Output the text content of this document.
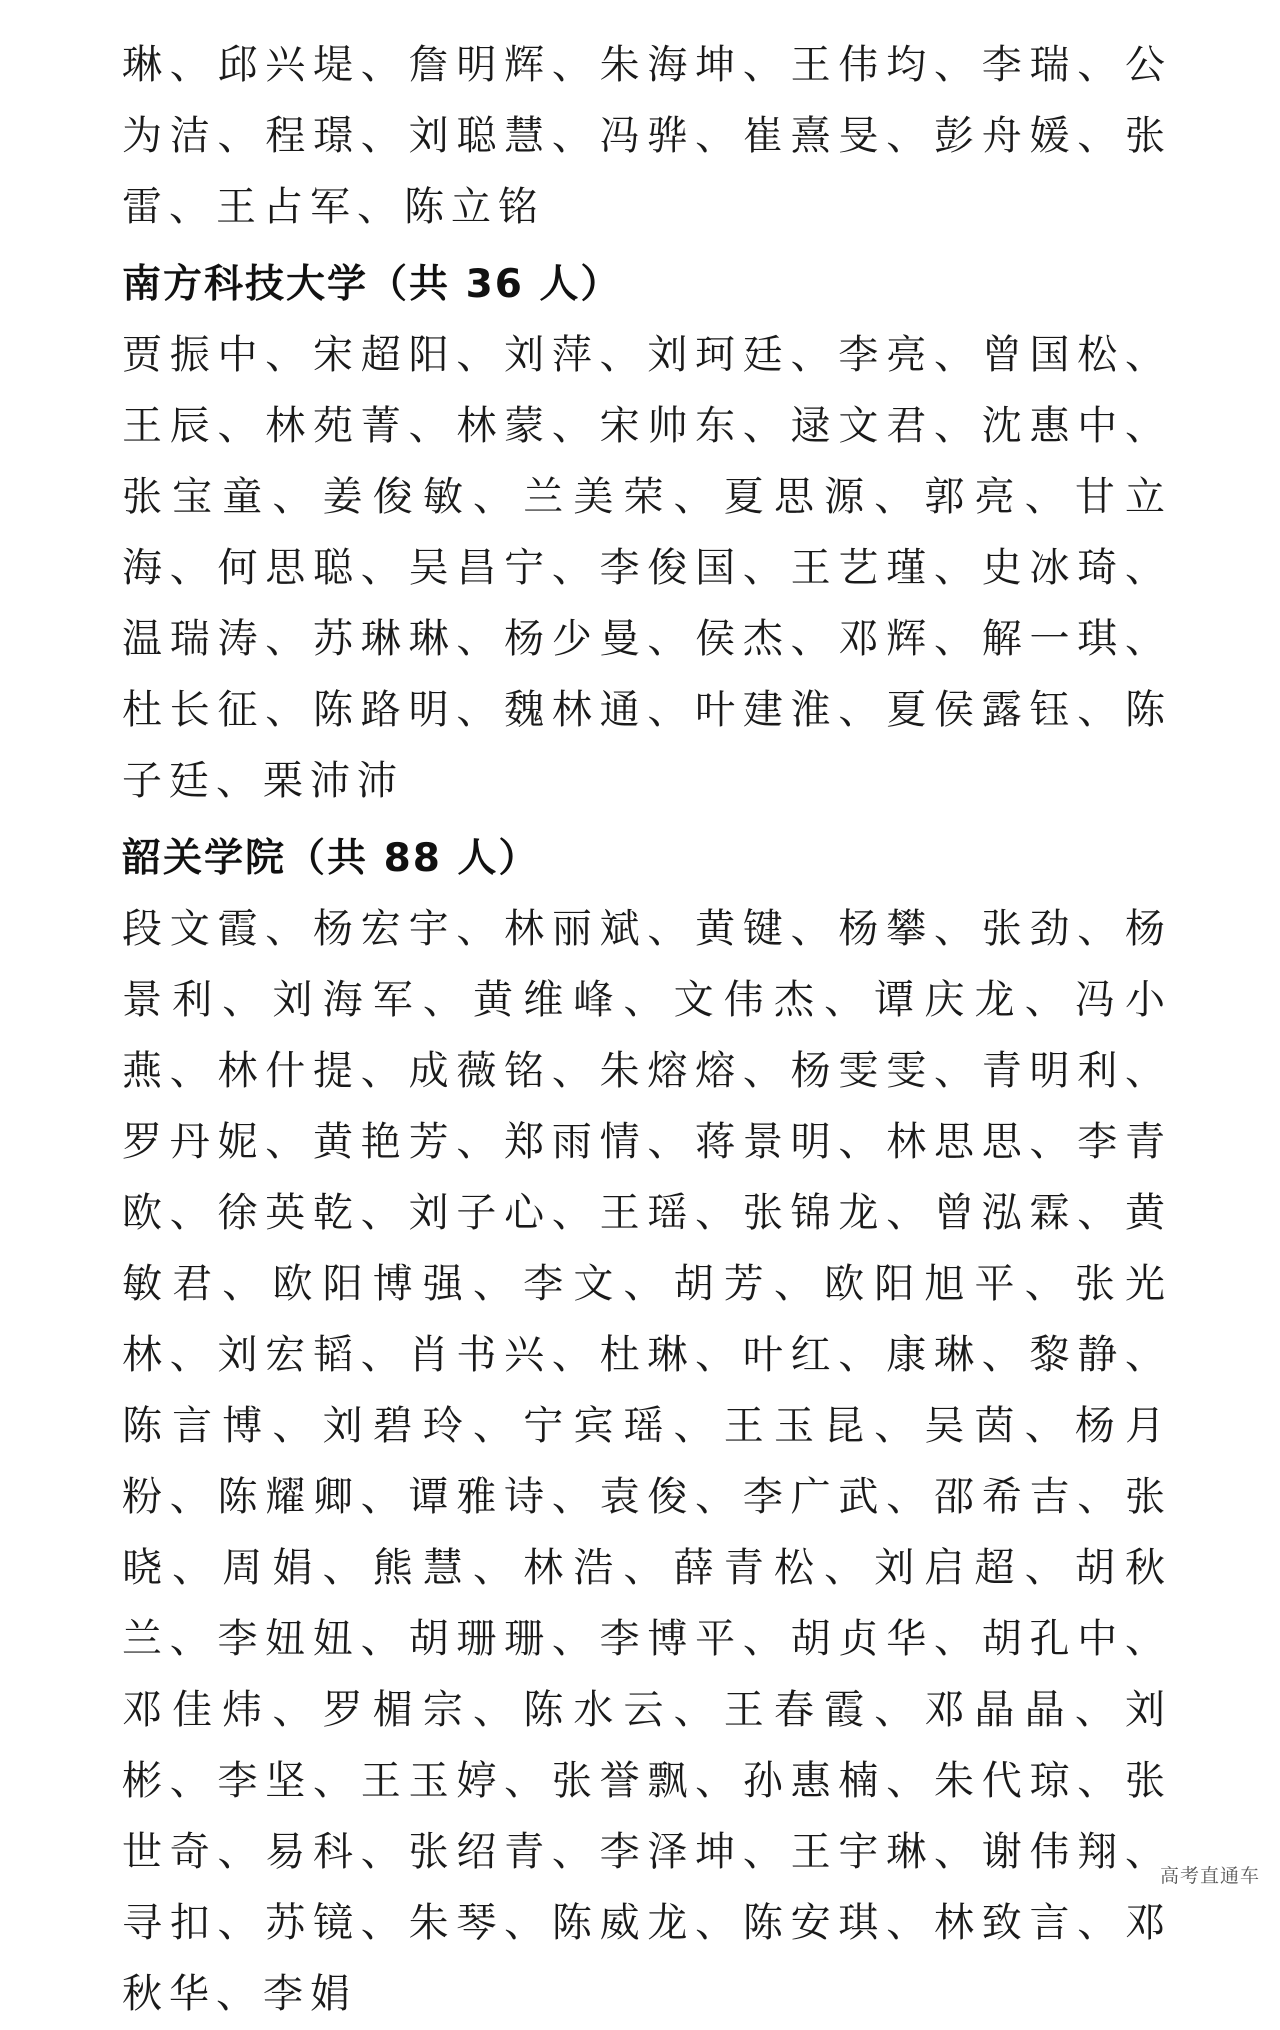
琳、邱兴堤、詹明辉、朱海坤、王伟均、李瑞、公为洁、程璟、刘聪慧、冯骅、崔熹旻、彭舟媛、张雷、王占军、陈立铭

南方科技大学（共 36 人）

贾振中、宋超阳、刘萍、刘珂廷、李亮、曾国松、王辰、林苑菁、林蒙、宋帅东、逯文君、沈惠中、张宝童、姜俊敏、兰美荣、夏思源、郭亮、甘立海、何思聪、吴昌宁、李俊国、王艺瑾、史冰琦、温瑞涛、苏琳琳、杨少曼、侯杰、邓辉、解一琪、杜长征、陈路明、魏林通、叶建淮、夏侯露钰、陈子廷、栗沛沛

韶关学院（共 88 人）

段文霞、杨宏宇、林丽斌、黄键、杨攀、张劲、杨景利、刘海军、黄维峰、文伟杰、谭庆龙、冯小燕、林什提、成薇铭、朱熔熔、杨雯雯、青明利、罗丹妮、黄艳芳、郑雨情、蒋景明、林思思、李青欧、徐英乾、刘子心、王瑶、张锦龙、曾泓霖、黄敏君、欧阳博强、李文、胡芳、欧阳旭平、张光林、刘宏韬、肖书兴、杜琳、叶红、康琳、黎静、陈言博、刘碧玲、宁宾瑶、王玉昆、吴茵、杨月粉、陈耀卿、谭雅诗、袁俊、李广武、邵希吉、张晓、周娟、熊慧、林浩、薛青松、刘启超、胡秋兰、李妞妞、胡珊珊、李博平、胡贞华、胡孔中、邓佳炜、罗楣宗、陈水云、王春霞、邓晶晶、刘彬、李坚、王玉婷、张誉飘、孙惠楠、朱代琼、张世奇、易科、张绍青、李泽坤、王宇琳、谢伟翔、寻扣、苏镜、朱琴、陈威龙、陈安琪、林致言、邓秋华、李娟

高考直通车
